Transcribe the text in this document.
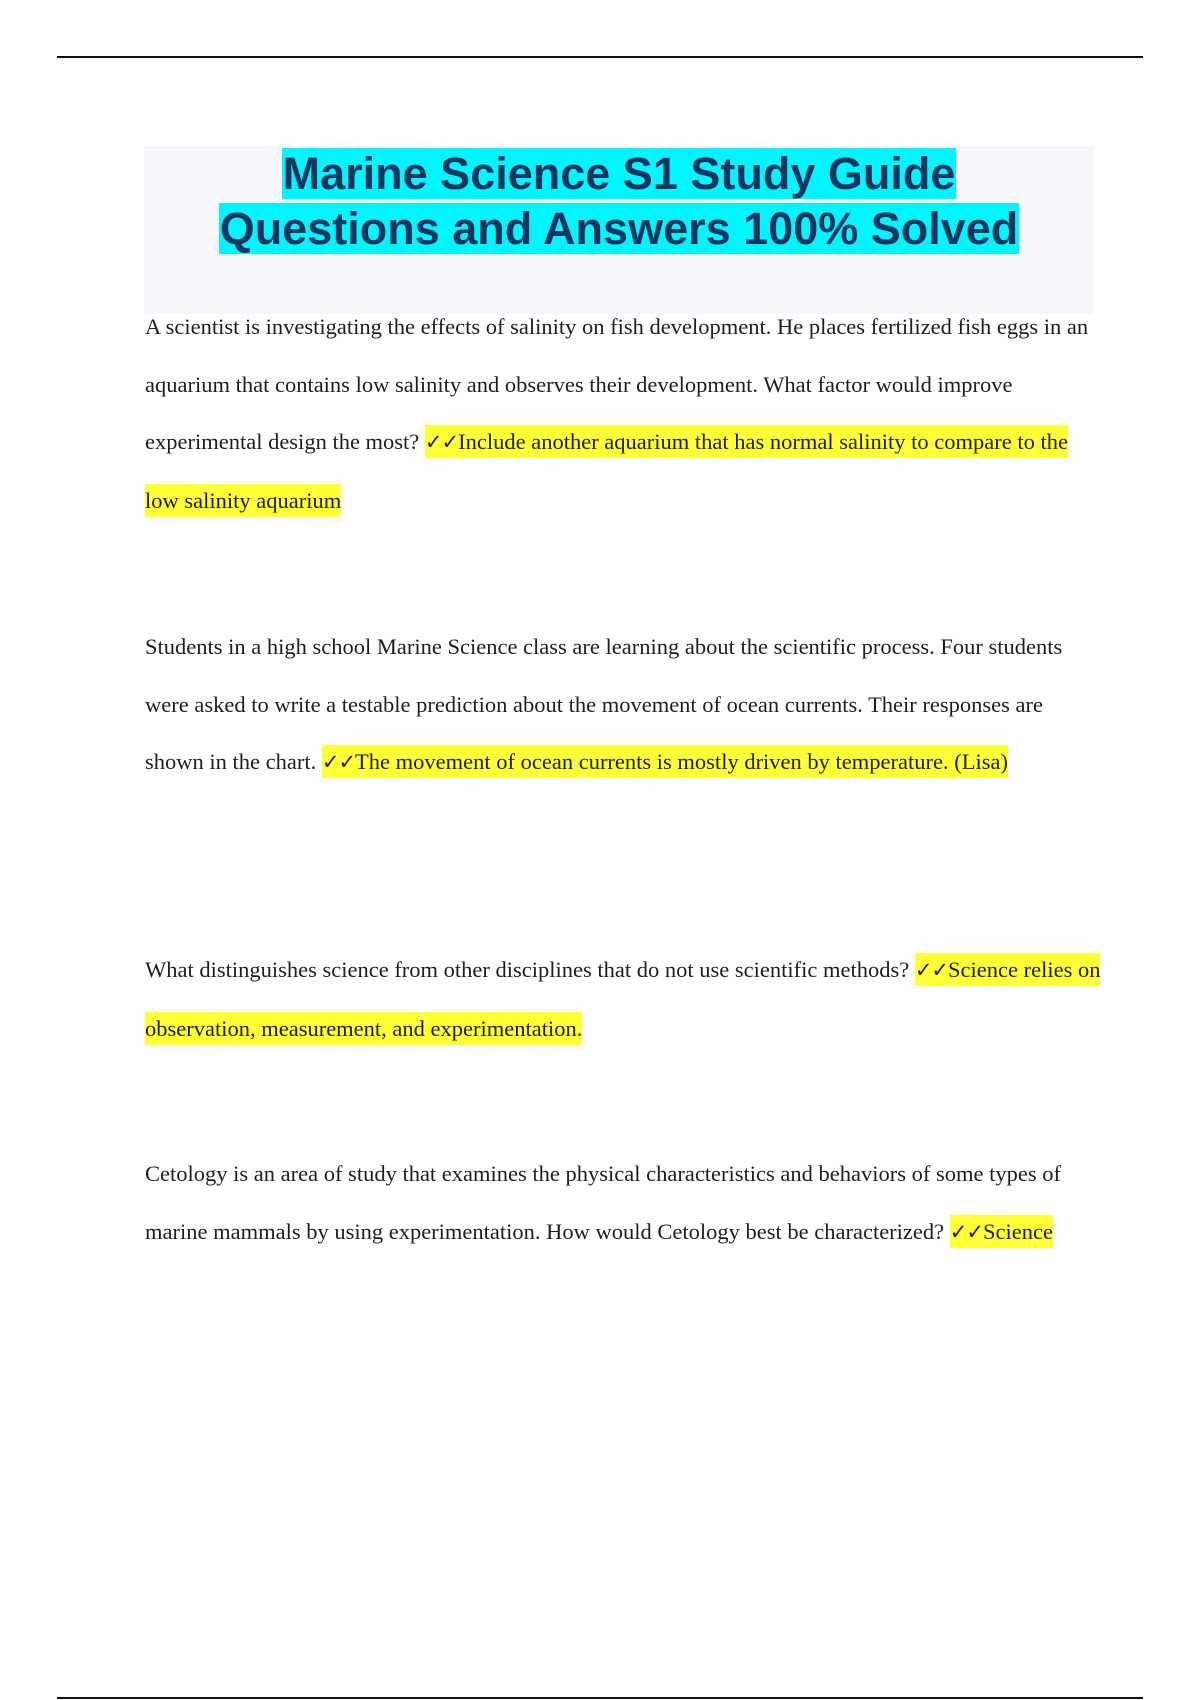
Marine Science S1 Study Guide
Questions and Answers 100% Solved

A scientist is investigating the effects of salinity on fish development. He places fertilized fish eggs in an aquarium that contains low salinity and observes their development. What factor would improve experimental design the most? ✓✓Include another aquarium that has normal salinity to compare to the low salinity aquarium

Students in a high school Marine Science class are learning about the scientific process. Four students were asked to write a testable prediction about the movement of ocean currents. Their responses are shown in the chart. ✓✓The movement of ocean currents is mostly driven by temperature. (Lisa)

What distinguishes science from other disciplines that do not use scientific methods? ✓✓Science relies on observation, measurement, and experimentation.

Cetology is an area of study that examines the physical characteristics and behaviors of some types of marine mammals by using experimentation. How would Cetology best be characterized? ✓✓Science
